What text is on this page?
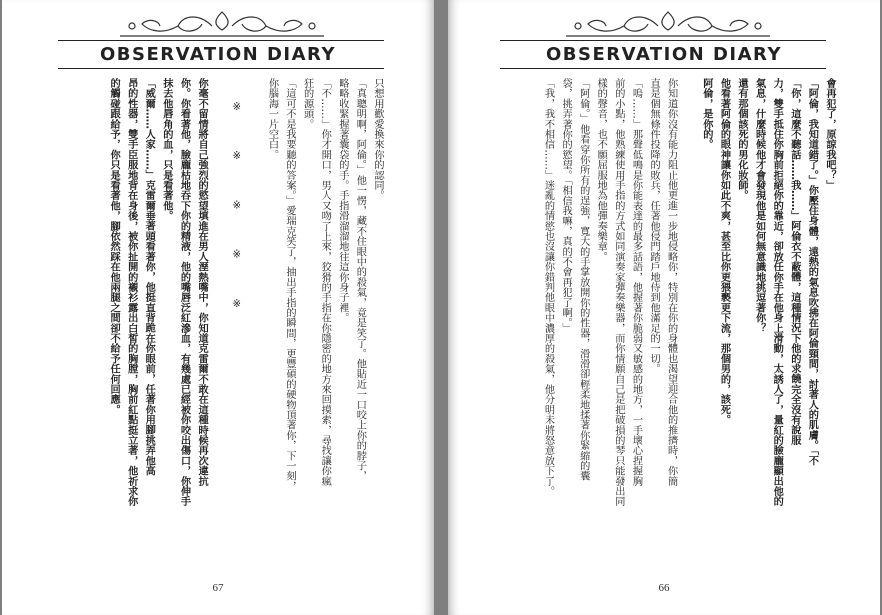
OBSERVATION DIARY
只想用歡愛換來你的認同。
「真聰明啊，阿倫。」他一愣，藏不住眼中的殺氣，竟是笑了。他貼近一口咬上你的脖子，
略略收緊握著囊袋的手。手指滑溜溜地往這你身子裡。
「不……」你才開口，男人又吻了上來，狡猾的手指在你隱密的地方來回摸索，尋找讓你瘋
狂的源頭。
「這可不是我要聽的答案。」愛瑞克笑了，抽出手指的瞬間，更豐碩的硬物頂著你，下一刻，
你腦海一片空白。
※　※　※　※　※
你毫不留情將自己強烈的慾望填進在男人溼熱嘴中，你知道克雷爾不敢在這種時候再次違抗
你。你看著他，臉龐枯地吞下你的精液，他的嘴唇泛紅滲血，有幾處已經被你咬出傷口，你伸手
抹去他唇角的血，只是看著他。
「威爾……人家……」克雷爾垂著頭看著你，他挺直背跪在你眼前，任著你用腳挑弄他高
昂的性器，雙手臣服地背在身後，被你扯開的襯衫露出白皙的胸膛，胸前紅點挺立著，他祈求你
的觸碰跟給予，你只是看著他，腳依然踩在他兩腿之間卻不給予任何回應。
67
OBSERVATION DIARY
會再犯了，原諒我吧？」
「阿倫，我知道錯了。」你壓住身體，遠熱的氣息吹拂在阿倫頸間，討著人的肌膚。「不
「你，這麼不聽話……我……」阿倫衣不蔽體，這種情況下他的求饒完全沒有說服
力，雙手抵住你胸前拒絕你的靠近，卻放任你手在他身上滑動，太誘人了，量紅的臉龐顯出他的
氣息，什麼時候他才會發現他是如何無意識地挑逗著你？
還有那個該死的男化妝師。
他看著阿倫的眼神讓你如此不爽，甚至比你更猥褻更下流，那個男的，該死。
阿倫，是你的。
你知道你沒有能力阻止他更進一步地侵略你，特別在你的身體也渴望迎合他的推擠時，你簡
直是個無條件投降的敗兵，任著他侵門踏戶地侍到他滿足的一切。
「嗚……」那聲低鳴是你能表達的最多話語，他握著你脆弱又敏感的地方，一手壞心捏握胸
前的小點，他熟練使用手指的方式如同演奏家彈奏樂器，而你情願自己是把破損的琴只能發出同
樣的聲音，也不願屈服地為他彈奏樂章。
「阿倫。」他看穿你所有的逞強，寬大的手掌放開你的性器，滑滑卻輕柔地揉著你緊縮的囊
袋，挑弄著你的慾望。「相信我嘛，真的不會再犯了啊。」
「我，我不相信……」迷亂的情慾也沒讓你錯判他眼中濃厚的殺氣，他分明未將怒意放下了。
66
